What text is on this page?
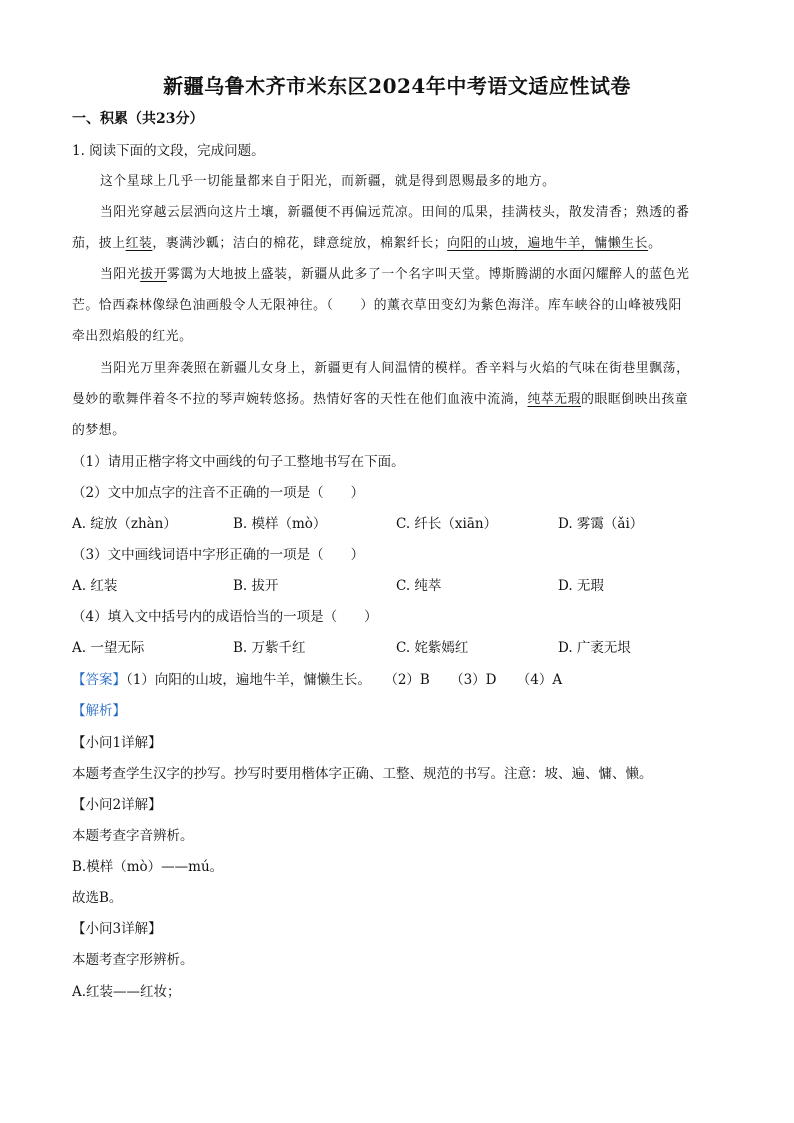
新疆乌鲁木齐市米东区2024年中考语文适应性试卷
一、积累（共23分）
1. 阅读下面的文段，完成问题。
这个星球上几乎一切能量都来自于阳光，而新疆，就是得到恩赐最多的地方。
当阳光穿越云层洒向这片土壤，新疆便不再偏远荒凉。田间的瓜果，挂满枝头，散发清香；熟透的番
茄，披上红装，裹满沙瓤；洁白的棉花，肆意绽放，棉絮纤长；向阳的山坡，遍地牛羊，慵懒生长。
当阳光拔开雾霭为大地披上盛装，新疆从此多了一个名字叫天堂。博斯腾湖的水面闪耀醉人的蓝色光
芒。恰西森林像绿色油画般令人无限神往。（　　）的薰衣草田变幻为紫色海洋。库车峡谷的山峰被残阳
牵出烈焰般的红光。
当阳光万里奔袭照在新疆儿女身上，新疆更有人间温情的模样。香辛料与火焰的气味在街巷里飘荡，
曼妙的歌舞伴着冬不拉的琴声婉转悠扬。热情好客的天性在他们血液中流淌，纯萃无瑕的眼眶倒映出孩童
的梦想。
（1）请用正楷字将文中画线的句子工整地书写在下面。
（2）文中加点字的注音不正确的一项是（　　）
A. 绽放（zhàn）	B. 模样（mò）	C. 纤长（xiān）	D. 雾霭（ǎi）
（3）文中画线词语中字形正确的一项是（　　）
A. 红装	B. 拔开	C. 纯萃	D. 无瑕
（4）填入文中括号内的成语恰当的一项是（　　）
A. 一望无际	B. 万紫千红	C. 姹紫嫣红	D. 广袤无垠
【答案】（1）向阳的山坡，遍地牛羊，慵懒生长。　　（2）B　　（3）D　　（4）A
【解析】
【小问1详解】
本题考查学生汉字的抄写。抄写时要用楷体字正确、工整、规范的书写。注意：坡、遍、慵、懒。
【小问2详解】
本题考查字音辨析。
B.模样（mò）——mú。
故选B。
【小问3详解】
本题考查字形辨析。
A.红装——红妆；
